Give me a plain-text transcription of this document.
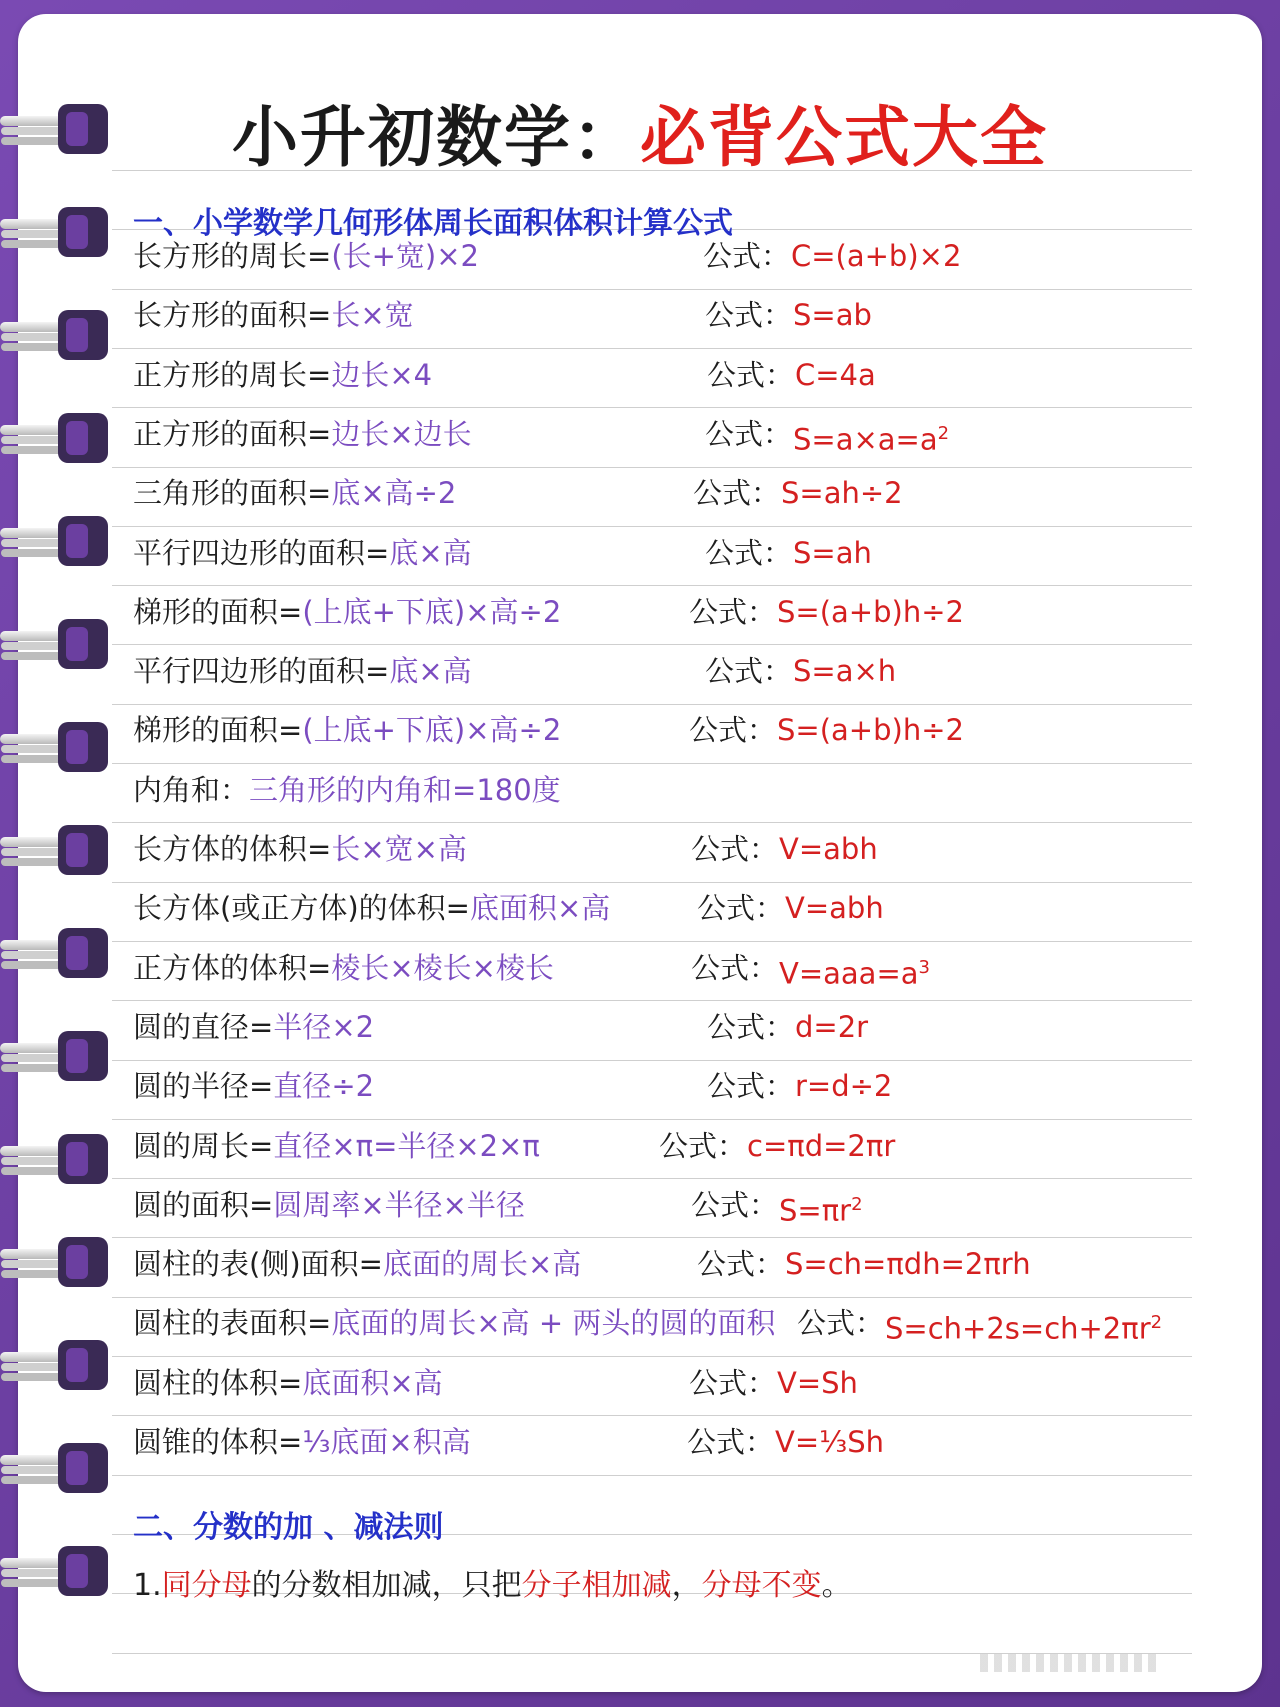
小升初数学：必背公式大全
一、小学数学几何形体周长面积体积计算公式
长方形的周长=(长+宽)×2	公式： C=(a+b)×2
长方形的面积=长×宽	公式： S=ab
正方形的周长=边长×4	公式： C=4a
正方形的面积=边长×边长	公式： $S=a\times a=a^2$
三角形的面积=底×高÷2	公式： S=ah÷2
平行四边形的面积=底×高	公式： S=ah
梯形的面积=(上底+下底)×高÷2	公式： S=(a+b)h÷2
平行四边形的面积=底×高	公式： S=a×h
梯形的面积=(上底+下底)×高÷2	公式： S=(a+b)h÷2
内角和：三角形的内角和=180度
长方体的体积=长×宽×高	公式： V=abh
长方体(或正方体)的体积=底面积×高	公式： V=abh
正方体的体积=棱长×棱长×棱长	公式： $V=aaa=a^3$
圆的直径=半径×2	公式： d=2r
圆的半径=直径÷2	公式： r=d÷2
圆的周长=直径×π=半径×2×π	公式： c=πd=2πr
圆的面积=圆周率×半径×半径	公式： $S=\pi r^2$
圆柱的表(侧)面积=底面的周长×高	公式： S=ch=πdh=2πrh
圆柱的表面积=底面的周长×高 + 两头的圆的面积 公式： $S=ch+2s=ch+2\pi r^2$
圆柱的体积=底面积×高	公式： V=Sh
圆锥的体积=⅓底面×积高	公式： V=⅓Sh
二、分数的加 、减法则
1.同分母的分数相加减，只把分子相加减，分母不变。
